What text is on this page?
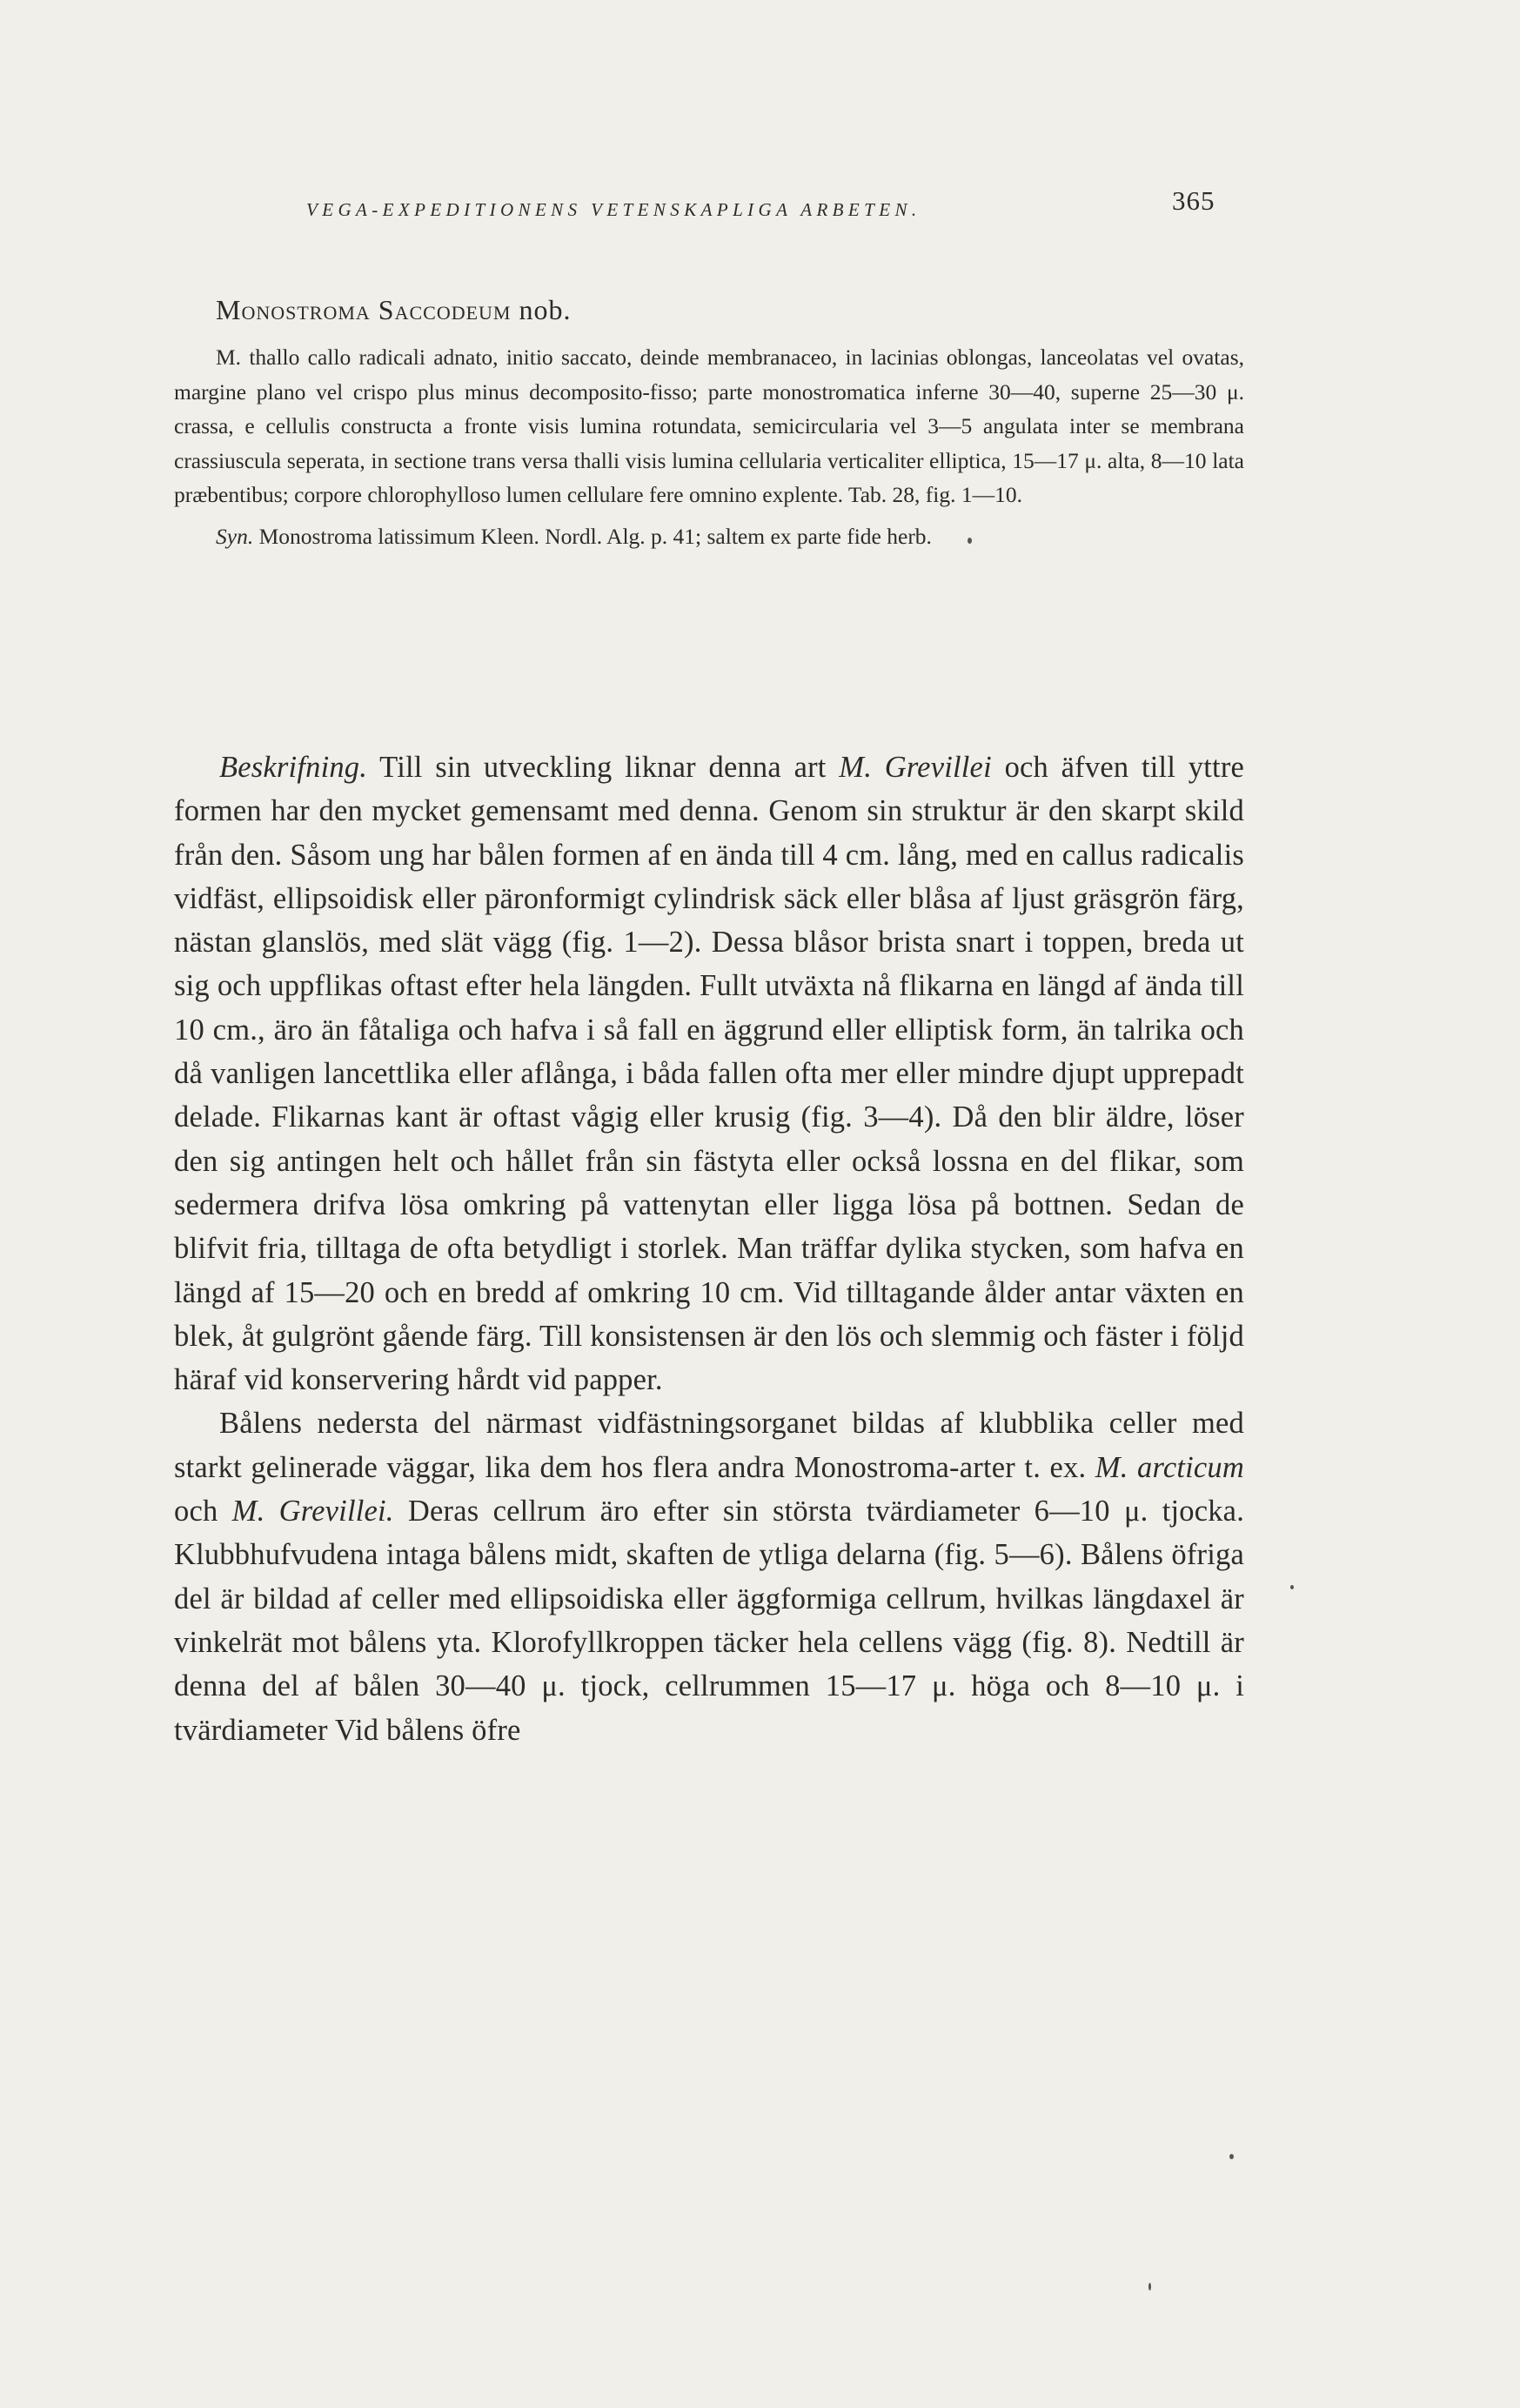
VEGA-EXPEDITIONENS VETENSKAPLIGA ARBETEN.	365
Monostroma Saccodeum nob.

M. thallo callo radicali adnato, initio saccato, deinde membranaceo, in lacinias oblongas, lanceolatas vel ovatas, margine plano vel crispo plus minus decomposito-fisso; parte monostromatica inferne 30—40, superne 25—30 μ. crassa, e cellulis constructa a fronte visis lumina rotundata, semicircularia vel 3—5 angulata inter se membrana crassiuscula seperata, in sectione trans versa thalli visis lumina cellularia verticaliter elliptica, 15—17 μ. alta, 8—10 lata præbentibus; corpore chlorophylloso lumen cellulare fere omnino explente. Tab. 28, fig. 1—10.

Syn. Monostroma latissimum Kleen. Nordl. Alg. p. 41; saltem ex parte fide herb.

Beskrifning. Till sin utveckling liknar denna art M. Grevillei och äfven till yttre formen har den mycket gemensamt med denna. Genom sin struktur är den skarpt skild från den. Såsom ung har bålen formen af en ända till 4 cm. lång, med en callus radicalis vidfäst, ellipsoidisk eller päronformigt cylindrisk säck eller blåsa af ljust gräsgrön färg, nästan glanslös, med slät vägg (fig. 1—2). Dessa blåsor brista snart i toppen, breda ut sig och uppflikas oftast efter hela längden. Fullt utväxta nå flikarna en längd af ända till 10 cm., äro än fåtaliga och hafva i så fall en äggrund eller elliptisk form, än talrika och då vanligen lancettlika eller aflånga, i båda fallen ofta mer eller mindre djupt upprepadt delade. Flikarnas kant är oftast vågig eller krusig (fig. 3—4). Då den blir äldre, löser den sig antingen helt och hållet från sin fästyta eller också lossna en del flikar, som sedermera drifva lösa omkring på vattenytan eller ligga lösa på bottnen. Sedan de blifvit fria, tilltaga de ofta betydligt i storlek. Man träffar dylika stycken, som hafva en längd af 15—20 och en bredd af omkring 10 cm. Vid tilltagande ålder antar växten en blek, åt gulgrönt gående färg. Till konsistensen är den lös och slemmig och fäster i följd häraf vid konservering hårdt vid papper.

Bålens nedersta del närmast vidfästningsorganet bildas af klubblika celler med starkt gelinerade väggar, lika dem hos flera andra Monostroma-arter t. ex. M. arcticum och M. Grevillei. Deras cellrum äro efter sin största tvärdiameter 6—10 μ. tjocka. Klubbhufvudena intaga bålens midt, skaften de ytliga delarna (fig. 5—6). Bålens öfriga del är bildad af celler med ellipsoidiska eller äggformiga cellrum, hvilkas längdaxel är vinkelrät mot bålens yta. Klorofyllkroppen täcker hela cellens vägg (fig. 8). Nedtill är denna del af bålen 30—40 μ. tjock, cellrummen 15—17 μ. höga och 8—10 μ. i tvärdiameter Vid bålens öfre
